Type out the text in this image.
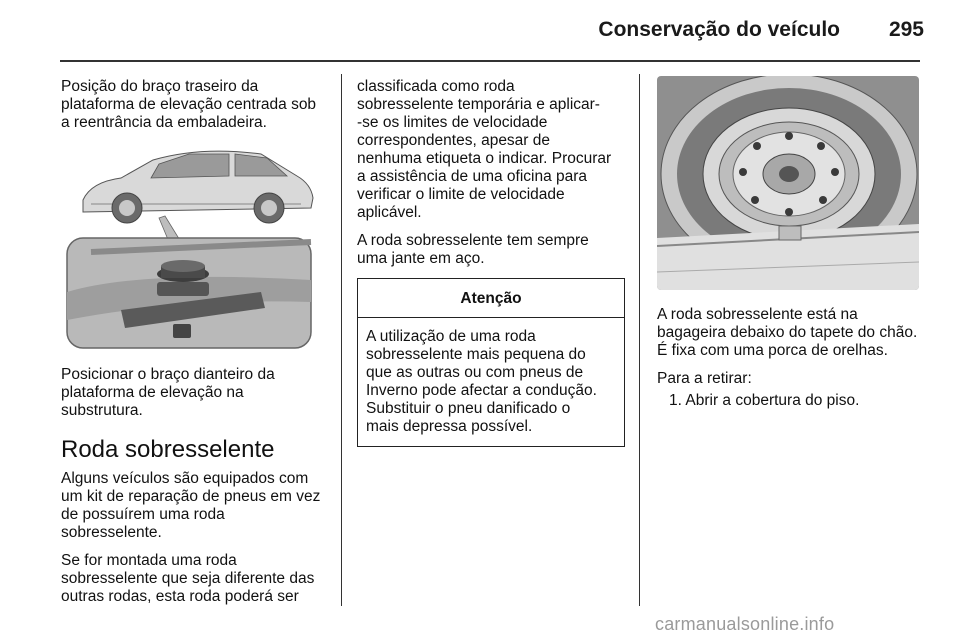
Conservação do veículo	295

Posição do braço traseiro da
plataforma de elevação centrada sob
a reentrância da embaladeira.

Posicionar o braço dianteiro da
plataforma de elevação na
substrutura.

Roda sobresselente

Alguns veículos são equipados com
um kit de reparação de pneus em vez
de possuírem uma roda
sobresselente.

Se for montada uma roda
sobresselente que seja diferente das
outras rodas, esta roda poderá ser

classificada como roda
sobresselente temporária e aplicar-
-se os limites de velocidade
correspondentes, apesar de
nenhuma etiqueta o indicar. Procurar
a assistência de uma oficina para
verificar o limite de velocidade
aplicável.

A roda sobresselente tem sempre
uma jante em aço.

Atenção
A utilização de uma roda
sobresselente mais pequena do
que as outras ou com pneus de
Inverno pode afectar a condução.
Substituir o pneu danificado o
mais depressa possível.

A roda sobresselente está na
bagageira debaixo do tapete do chão.
É fixa com uma porca de orelhas.

Para a retirar:

1. Abrir a cobertura do piso.
carmanualsonline.info
